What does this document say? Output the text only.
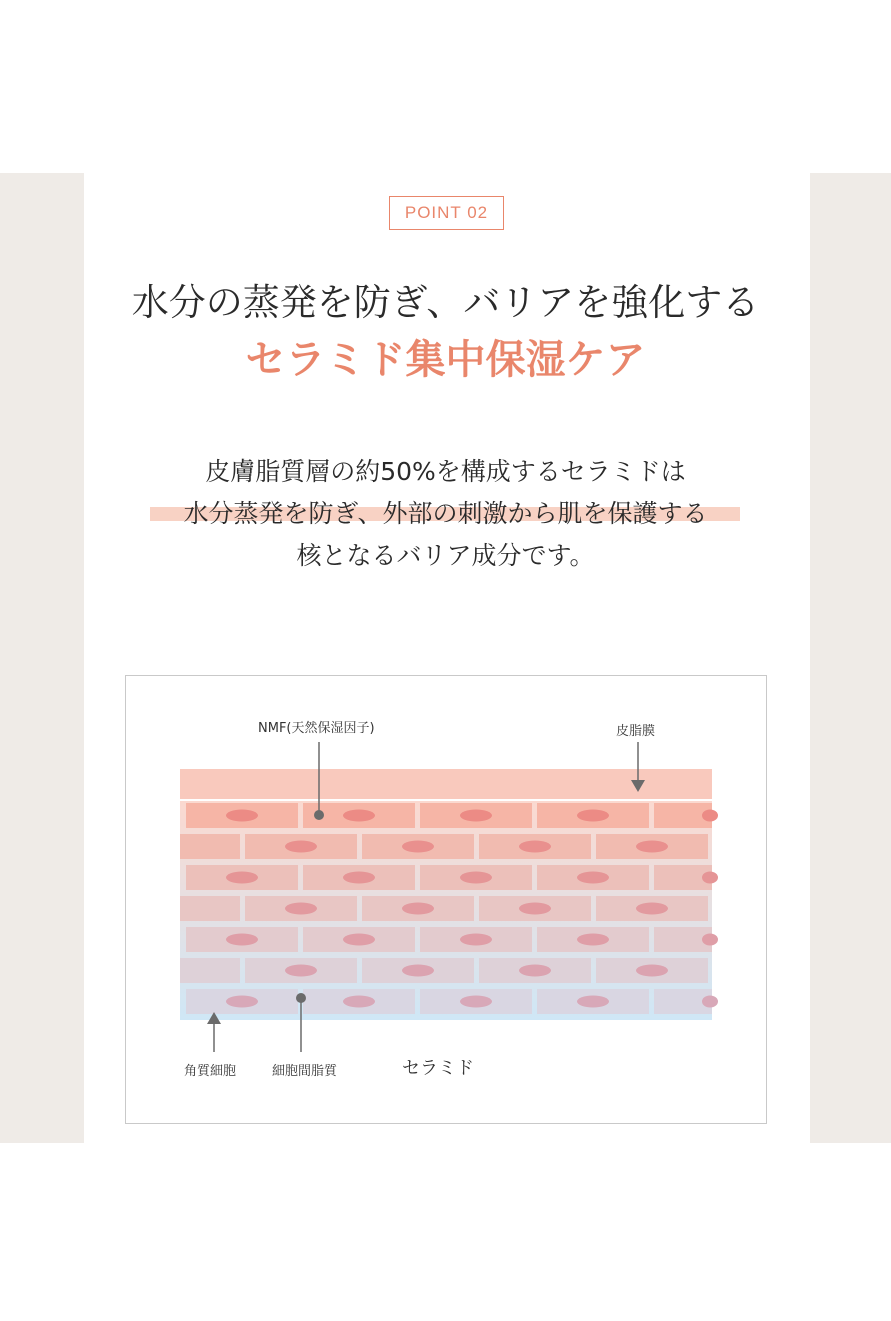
POINT 02
水分の蒸発を防ぎ、バリアを強化する
セラミド集中保湿ケア
皮膚脂質層の約50%を構成するセラミドは
水分蒸発を防ぎ、外部の刺激から肌を保護する
核となるバリア成分です。
NMF(天然保湿因子)	皮脂膜
角質細胞	細胞間脂質	セラミド
